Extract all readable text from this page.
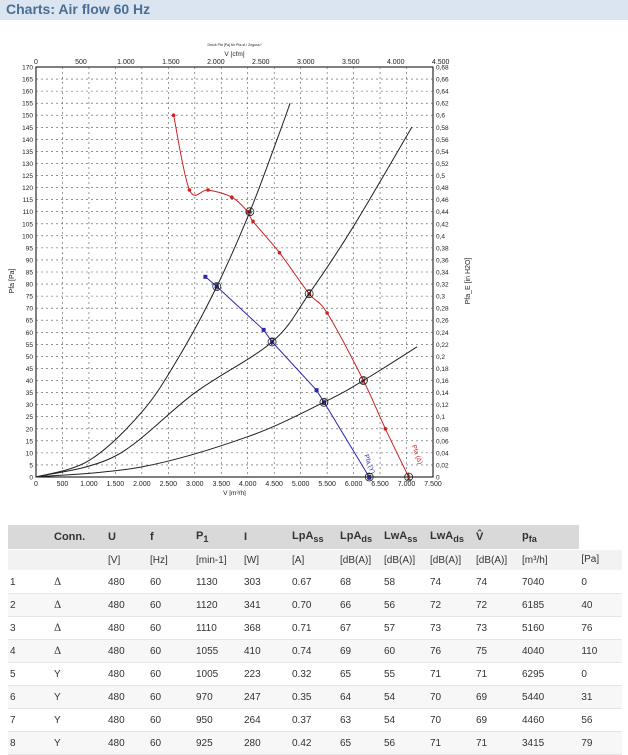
Charts: Air flow 60 Hz
0	0
5	0,02
10	0,04
15	0,06
20	0,08
25	0,1
30	0,12
35	0,14
40	0,16
45	0,18
50	0,2
55	0,22
60	0,24
65	0,26
70	0,28
75	0,3
80	0,32
85	0,34
90	0,36
95	0,38
100	0,4
105	0,42
110	0,44
115	0,46
120	0,48
125	0,5
130	0,52
135	0,54
140	0,56
145	0,58
150	0,6
155	0,62
160	0,64
165	0,66
170	0,68
0	500 1.000 1.500 2.000 2.500 3.000 3.500 4.000 4.500 5.000 5.500 6.000 6.500 7.000 7.500
0	500	1.000	1.500	2.000	2.500	3.000	3.500	4.000	4.500
V [m³/h]
V [cfm]
Druck Pfa [Pa] für Pfa-st / Zoguss?
Pfa [Pa]	Pfa_E [in H2O]
1
2
3
4
5
6
7
8
Pfa (Δ)
Pfa (Y)
	Conn.	U	f	$P_1$	I	LpA$_{ss}$	LpA$_{ds}$	LwA$_{ss}$	LwA$_{ds}$	V̂	$p_{fa}$
		[V]	[Hz]	[min-1]	[W]	[A]	[dB(A)]	[dB(A)]	[dB(A)]	[dB(A)]	[m³/h]	[Pa]
1	Δ	480	60	1130	303	0.67	68	58	74	74	7040	0
2	Δ	480	60	1120	341	0.70	66	56	72	72	6185	40
3	Δ	480	60	1110	368	0.71	67	57	73	73	5160	76
4	Δ	480	60	1055	410	0.74	69	60	76	75	4040	110
5	Y	480	60	1005	223	0.32	65	55	71	71	6295	0
6	Y	480	60	970	247	0.35	64	54	70	69	5440	31
7	Y	480	60	950	264	0.37	63	54	70	69	4460	56
8	Y	480	60	925	280	0.42	65	56	71	71	3415	79
